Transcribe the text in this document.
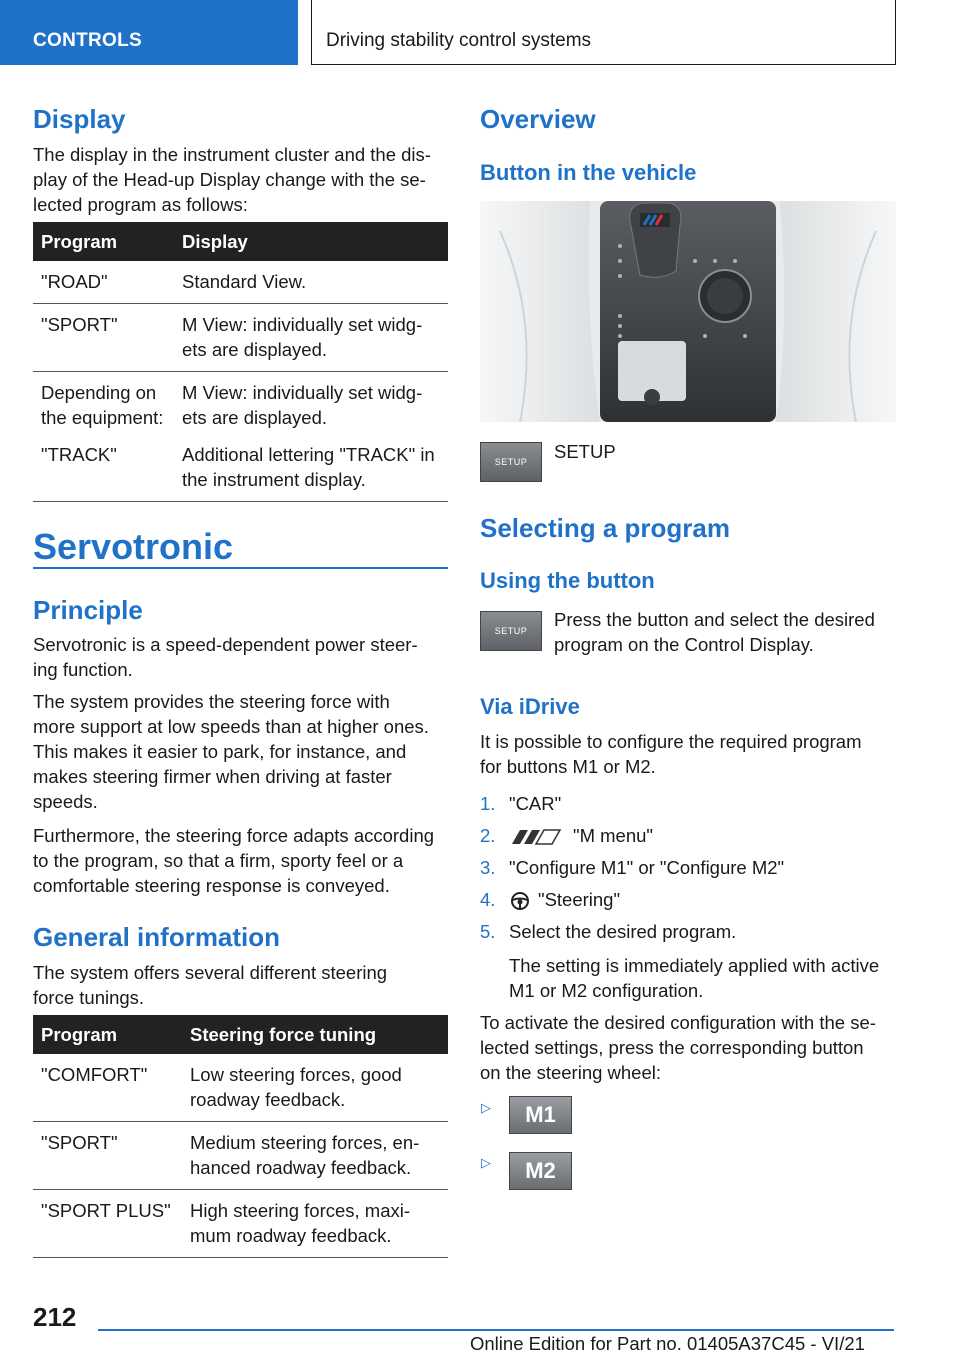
CONTROLS	Driving stability control systems
Display
The display in the instrument cluster and the dis-
play of the Head-up Display change with the se-
lected program as follows:
Program	Display
"ROAD"	Standard View.
"SPORT"	M View: individually set widg-ets are displayed.
Depending on the equipment:	M View: individually set widg-ets are displayed.
"TRACK"	Additional lettering "TRACK" in the instrument display.
Servotronic
Principle
Servotronic is a speed-dependent power steer-
ing function.
The system provides the steering force with
more support at low speeds than at higher ones.
This makes it easier to park, for instance, and
makes steering firmer when driving at faster
speeds.
Furthermore, the steering force adapts according
to the program, so that a firm, sporty feel or a
comfortable steering response is conveyed.
General information
The system offers several different steering
force tunings.
Program	Steering force tuning
"COMFORT"	Low steering forces, good roadway feedback.
"SPORT"	Medium steering forces, en-hanced roadway feedback.
"SPORT PLUS"	High steering forces, maxi-mum roadway feedback.
Overview
Button in the vehicle
SETUP	SETUP
Selecting a program
Using the button
SETUP
Press the button and select the desired
program on the Control Display.
Via iDrive
It is possible to configure the required program
for buttons M1 or M2.
1. "CAR"
2.	"M menu"
3. "Configure M1" or "Configure M2"
4. "Steering"
5. Select the desired program.
The setting is immediately applied with active
M1 or M2 configuration.
To activate the desired configuration with the se-
lected settings, press the corresponding button
on the steering wheel:
▷	M1
▷	M2
212
Online Edition for Part no. 01405A37C45 - VI/21
